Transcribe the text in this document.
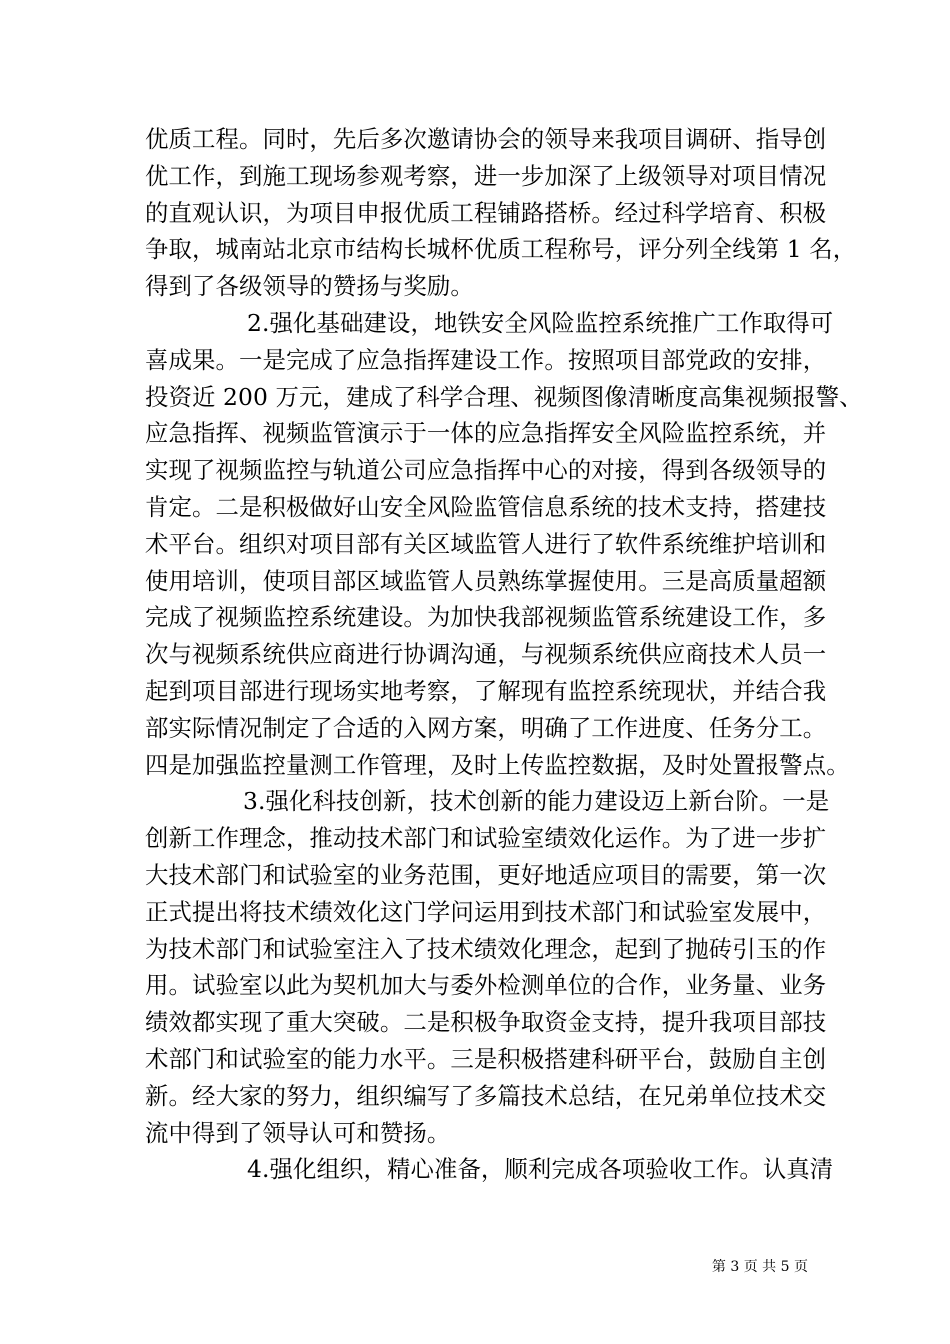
优质工程。同时，先后多次邀请协会的领导来我项目调研、指导创
优工作，到施工现场参观考察，进一步加深了上级领导对项目情况
的直观认识，为项目申报优质工程铺路搭桥。经过科学培育、积极
争取，城南站北京市结构长城杯优质工程称号，评分列全线第 1 名，
得到了各级领导的赞扬与奖励。
2.强化基础建设，地铁安全风险监控系统推广工作取得可
喜成果。一是完成了应急指挥建设工作。按照项目部党政的安排，
投资近 200 万元，建成了科学合理、视频图像清晰度高集视频报警、
应急指挥、视频监管演示于一体的应急指挥安全风险监控系统，并
实现了视频监控与轨道公司应急指挥中心的对接，得到各级领导的
肯定。二是积极做好山安全风险监管信息系统的技术支持，搭建技
术平台。组织对项目部有关区域监管人进行了软件系统维护培训和
使用培训，使项目部区域监管人员熟练掌握使用。三是高质量超额
完成了视频监控系统建设。为加快我部视频监管系统建设工作，多
次与视频系统供应商进行协调沟通，与视频系统供应商技术人员一
起到项目部进行现场实地考察，了解现有监控系统现状，并结合我
部实际情况制定了合适的入网方案，明确了工作进度、任务分工。
四是加强监控量测工作管理，及时上传监控数据，及时处置报警点。
3.强化科技创新，技术创新的能力建设迈上新台阶。一是
创新工作理念，推动技术部门和试验室绩效化运作。为了进一步扩
大技术部门和试验室的业务范围，更好地适应项目的需要，第一次
正式提出将技术绩效化这门学问运用到技术部门和试验室发展中，
为技术部门和试验室注入了技术绩效化理念，起到了抛砖引玉的作
用。试验室以此为契机加大与委外检测单位的合作，业务量、业务
绩效都实现了重大突破。二是积极争取资金支持，提升我项目部技
术部门和试验室的能力水平。三是积极搭建科研平台，鼓励自主创
新。经大家的努力，组织编写了多篇技术总结，在兄弟单位技术交
流中得到了领导认可和赞扬。
4.强化组织，精心准备，顺利完成各项验收工作。认真清
第 3 页 共 5 页
